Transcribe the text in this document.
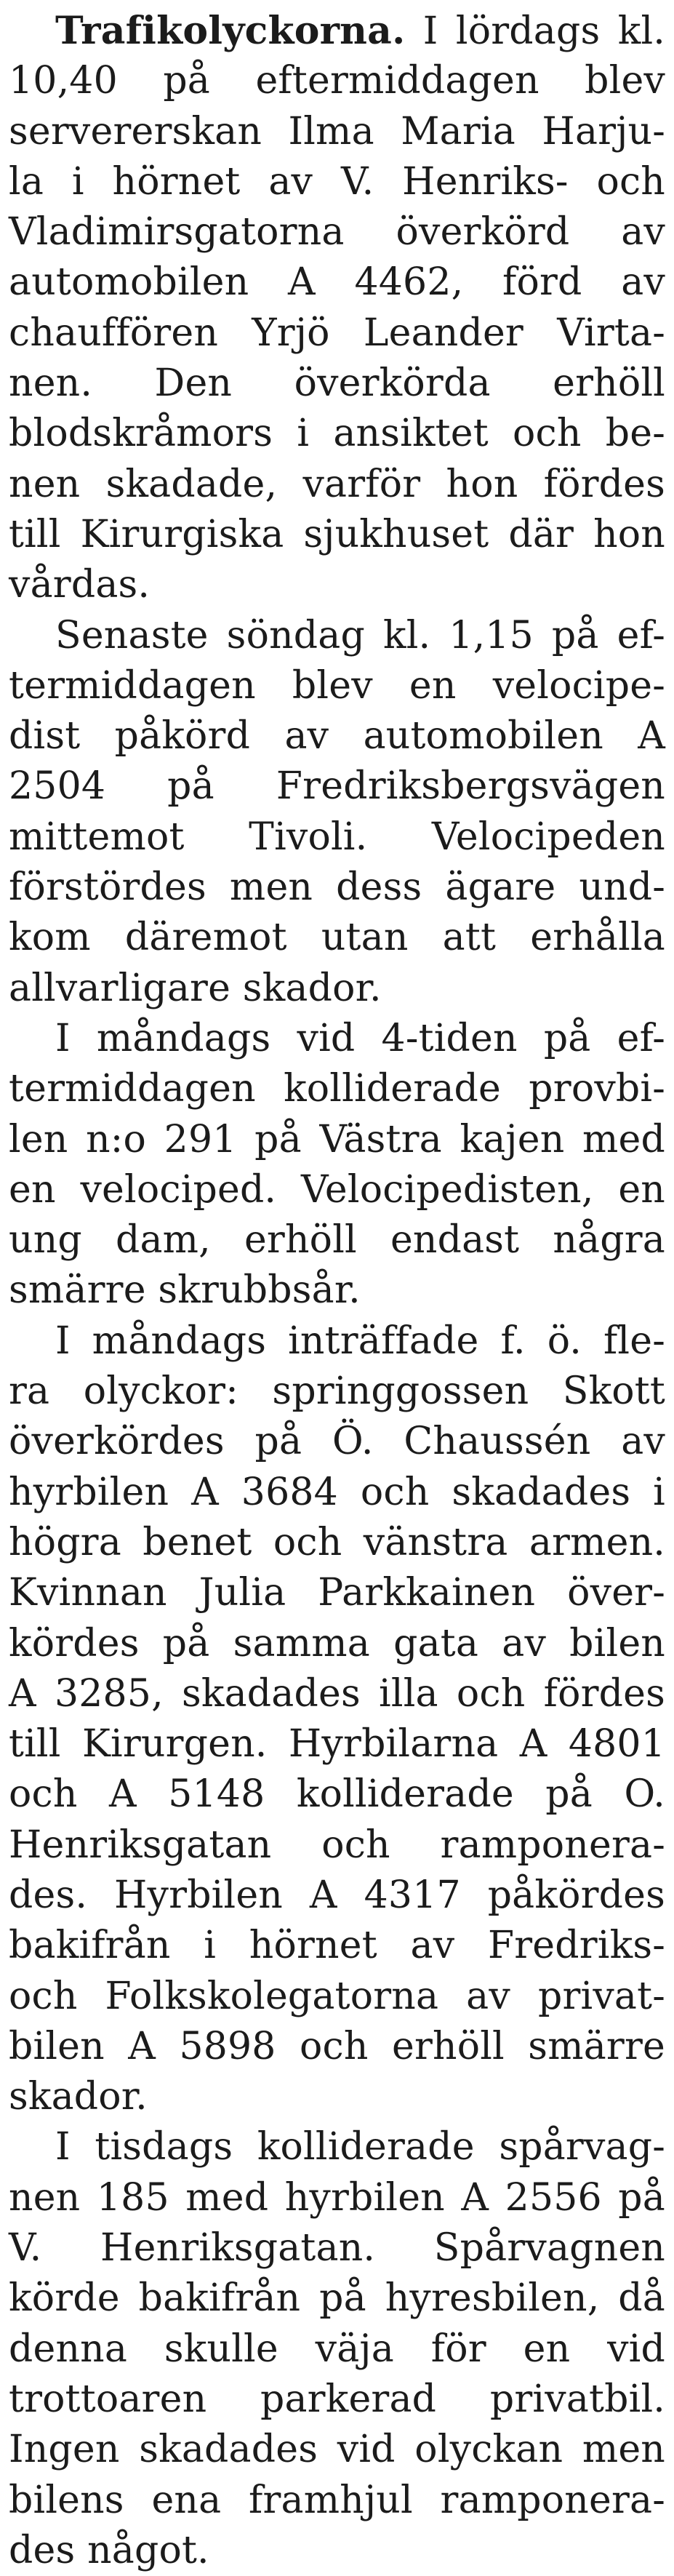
Trafikolyckorna. I lördags kl.
10,40 på eftermiddagen blev
servererskan Ilma Maria Harju-
la i hörnet av V. Henriks- och
Vladimirsgatorna överkörd av
automobilen A 4462, förd av
chauffören Yrjö Leander Virta-
nen. Den överkörda erhöll
blodskråmors i ansiktet och be-
nen skadade, varför hon fördes
till Kirurgiska sjukhuset där hon
vårdas.
Senaste söndag kl. 1,15 på ef-
termiddagen blev en velocipe-
dist påkörd av automobilen A
2504 på Fredriksbergsvägen
mittemot Tivoli. Velocipeden
förstördes men dess ägare und-
kom däremot utan att erhålla
allvarligare skador.
I måndags vid 4-tiden på ef-
termiddagen kolliderade provbi-
len n:o 291 på Västra kajen med
en velociped. Velocipedisten, en
ung dam, erhöll endast några
smärre skrubbsår.
I måndags inträffade f. ö. fle-
ra olyckor: springgossen Skott
överkördes på Ö. Chaussén av
hyrbilen A 3684 och skadades i
högra benet och vänstra armen.
Kvinnan Julia Parkkainen över-
kördes på samma gata av bilen
A 3285, skadades illa och fördes
till Kirurgen. Hyrbilarna A 4801
och A 5148 kolliderade på O.
Henriksgatan och ramponera-
des. Hyrbilen A 4317 påkördes
bakifrån i hörnet av Fredriks-
och Folkskolegatorna av privat-
bilen A 5898 och erhöll smärre
skador.
I tisdags kolliderade spårvag-
nen 185 med hyrbilen A 2556 på
V. Henriksgatan. Spårvagnen
körde bakifrån på hyresbilen, då
denna skulle väja för en vid
trottoaren parkerad privatbil.
Ingen skadades vid olyckan men
bilens ena framhjul ramponera-
des något.
